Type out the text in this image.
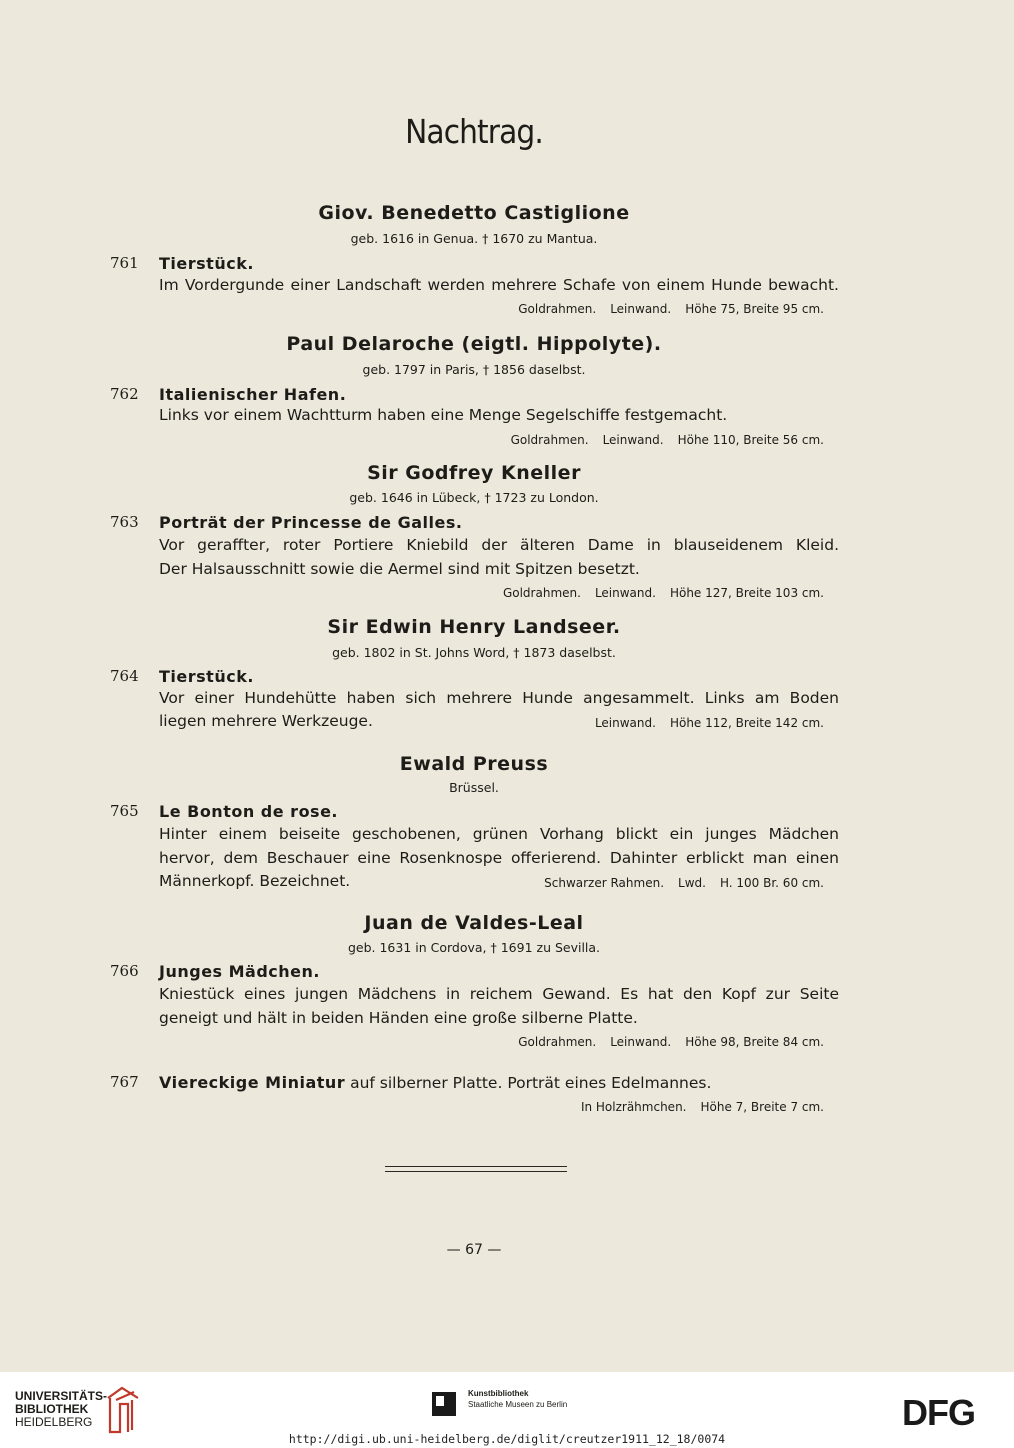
Nachtrag.
Giov. Benedetto Castiglione
geb. 1616 in Genua. † 1670 zu Mantua.
761 Tierstück.
Im Vordergunde einer Landschaft werden mehrere Schafe von einem Hunde bewacht.
Goldrahmen. Leinwand. Höhe 75, Breite 95 cm.
Paul Delaroche (eigtl. Hippolyte).
geb. 1797 in Paris, † 1856 daselbst.
762 Italienischer Hafen.
Links vor einem Wachtturm haben eine Menge Segelschiffe festgemacht.
Goldrahmen. Leinwand. Höhe 110, Breite 56 cm.
Sir Godfrey Kneller
geb. 1646 in Lübeck, † 1723 zu London.
763 Porträt der Princesse de Galles.
Vor geraffter, roter Portiere Kniebild der älteren Dame in blauseidenem Kleid.
Der Halsausschnitt sowie die Aermel sind mit Spitzen besetzt.
Goldrahmen. Leinwand. Höhe 127, Breite 103 cm.
Sir Edwin Henry Landseer.
geb. 1802 in St. Johns Word, † 1873 daselbst.
764 Tierstück.
Vor einer Hundehütte haben sich mehrere Hunde angesammelt. Links am Boden
liegen mehrere Werkzeuge.	Leinwand. Höhe 112, Breite 142 cm.
Ewald Preuss
Brüssel.
765 Le Bonton de rose.
Hinter einem beiseite geschobenen, grünen Vorhang blickt ein junges Mädchen
hervor, dem Beschauer eine Rosenknospe offerierend. Dahinter erblickt man einen
Männerkopf. Bezeichnet.	Schwarzer Rahmen. Lwd. H. 100 Br. 60 cm.
Juan de Valdes-Leal
geb. 1631 in Cordova, † 1691 zu Sevilla.
766 Junges Mädchen.
Kniestück eines jungen Mädchens in reichem Gewand. Es hat den Kopf zur Seite
geneigt und hält in beiden Händen eine große silberne Platte.
Goldrahmen. Leinwand. Höhe 98, Breite 84 cm.
767 Viereckige Miniatur auf silberner Platte. Porträt eines Edelmannes.
In Holzrähmchen. Höhe 7, Breite 7 cm.
— 67 —
UNIVERSITÄTS-
BIBLIOTHEK
HEIDELBERG
Kunstbibliothek
Staatliche Museen zu Berlin	DFG
http://digi.ub.uni-heidelberg.de/diglit/creutzer1911_12_18/0074
